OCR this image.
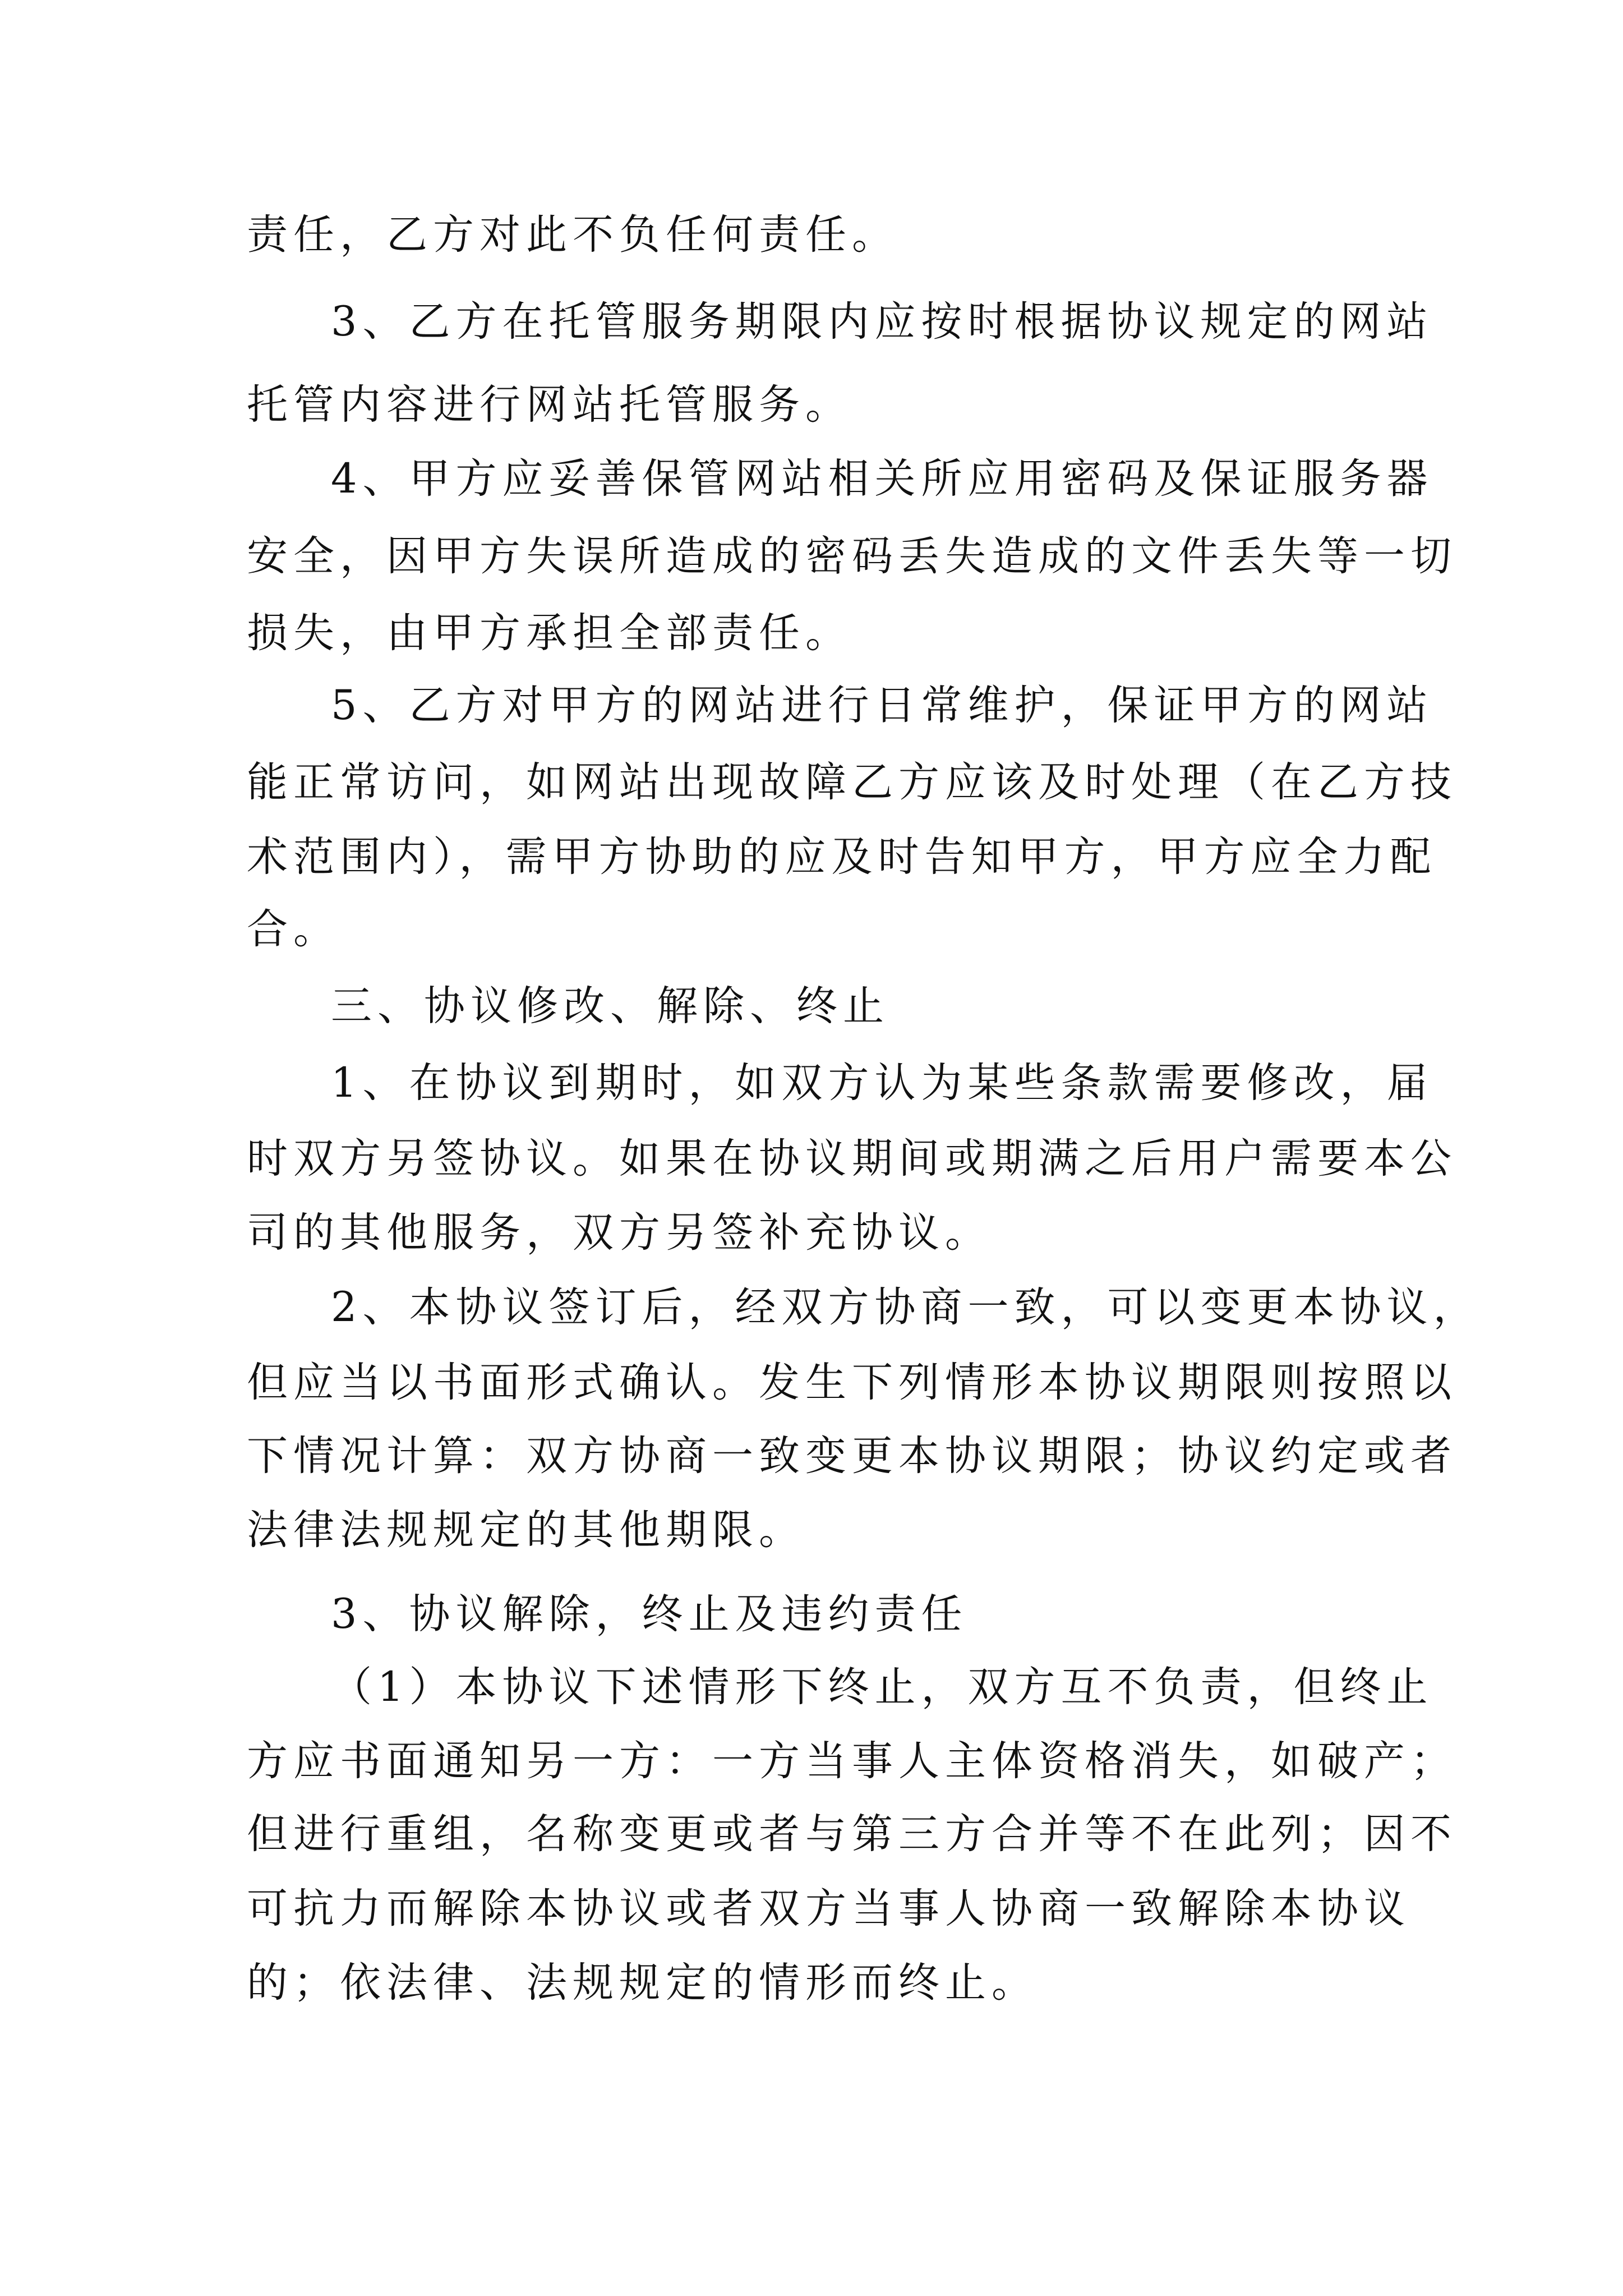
责任，乙方对此不负任何责任。
3、乙方在托管服务期限内应按时根据协议规定的网站
托管内容进行网站托管服务。
4、甲方应妥善保管网站相关所应用密码及保证服务器
安全，因甲方失误所造成的密码丢失造成的文件丢失等一切
损失，由甲方承担全部责任。
5、乙方对甲方的网站进行日常维护，保证甲方的网站
能正常访问，如网站出现故障乙方应该及时处理（在乙方技
术范围内），需甲方协助的应及时告知甲方，甲方应全力配
合。
三、协议修改、解除、终止
1、在协议到期时，如双方认为某些条款需要修改，届
时双方另签协议。如果在协议期间或期满之后用户需要本公
司的其他服务，双方另签补充协议。
2、本协议签订后，经双方协商一致，可以变更本协议，
但应当以书面形式确认。发生下列情形本协议期限则按照以
下情况计算：双方协商一致变更本协议期限；协议约定或者
法律法规规定的其他期限。
3、协议解除，终止及违约责任
（1）本协议下述情形下终止，双方互不负责，但终止
方应书面通知另一方：一方当事人主体资格消失，如破产；
但进行重组，名称变更或者与第三方合并等不在此列；因不
可抗力而解除本协议或者双方当事人协商一致解除本协议
的；依法律、法规规定的情形而终止。
